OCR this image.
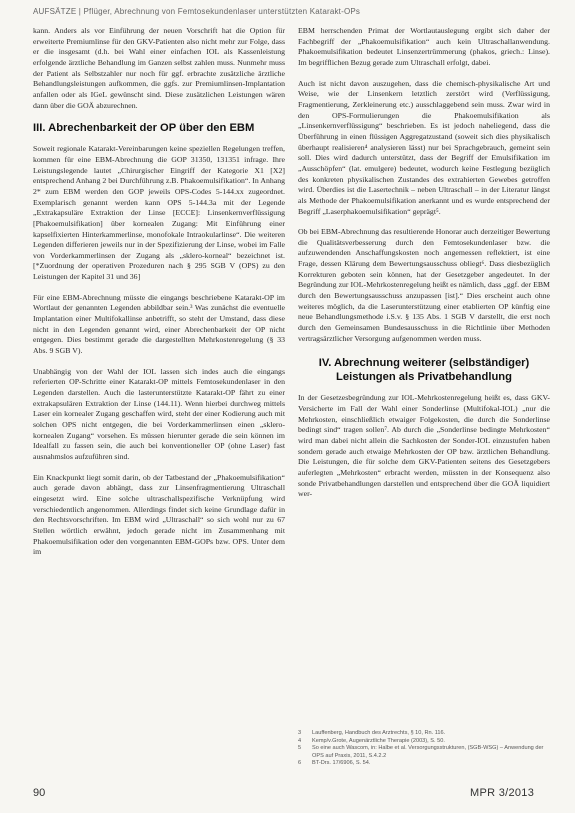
AUFSÄTZE | Pflüger, Abrechnung von Femtosekundenlaser unterstützten Katarakt-OPs

kann. Anders als vor Einführung der neuen Vorschrift hat die Option für erweiterte Premiumlinse für den GKV-Patienten also nicht mehr zur Folge, dass er die insgesamt (d.h. bei Wahl einer einfachen IOL als Kassenleistung erfolgende ärztliche Behandlung im Ganzen selbst zahlen muss. Nunmehr muss der Patient als Selbstzahler nur noch für ggf. erbrachte zusätzliche ärztliche Behandlungsleistungen aufkommen, die ggfs. zur Premiumlinsen-Implantation anfallen oder als IGeL gewünscht sind. Diese zusätzlichen Leistungen wären dann über die GOÄ abzurechnen.

III. Abrechenbarkeit der OP über den EBM

Soweit regionale Katarakt-Vereinbarungen keine speziellen Regelungen treffen, kommen für eine EBM-Abrechnung die GOP 31350, 131351 infrage. Ihre Leistungslegende lautet „Chirurgischer Eingriff der Kategorie X1 [X2] entsprechend Anhang 2 bei Durchführung z.B. Phakoemulsifikation“. In Anhang 2* zum EBM werden den GOP jeweils OPS-Codes 5-144.xx zugeordnet. Exemplarisch genannt werden kann OPS 5-144.3a mit der Legende „Extrakapsuläre Extraktion der Linse [ECCE]: Linsenkernverflüssigung [Phakoemulsifikation] über kornealen Zugang: Mit Einführung einer kapselfixierten Hinterkammerlinse, monofokale Intraokularlinse“. Die weiteren Legenden differieren jeweils nur in der Spezifizierung der Linse, wobei im Falle von Vorderkammerlinsen der Zugang als „sklero-korneal“ bezeichnet ist. [*Zuordnung der operativen Prozeduren nach § 295 SGB V (OPS) zu den Leistungen der Kapitel 31 und 36]

Für eine EBM-Abrechnung müsste die eingangs beschriebene Katarakt-OP im Wortlaut der genannten Legenden abbildbar sein.³ Was zunächst die eventuelle Implantation einer Multifokallinse anbetrifft, so steht der Umstand, dass diese nicht in den Legenden genannt wird, einer Abrechenbarkeit der OP nicht entgegen. Dies bestimmt gerade die dargestellten Mehrkostenregelung (§ 33 Abs. 9 SGB V).

Unabhängig von der Wahl der IOL lassen sich indes auch die eingangs referierten OP-Schritte einer Katarakt-OP mittels Femtosekundenlaser in den Legenden darstellen. Auch die lasterunterstützte Katarakt-OP fährt zu einer extrakapsulären Extraktion der Linse (144.11). Wenn hierbei durchweg mittels Laser ein kornealer Zugang geschaffen wird, steht der einer Kodierung auch mit solchen OPS nicht entgegen, die bei Vorderkammerlinsen einen „sklero-kornealen Zugang“ vorsehen. Es müssen hierunter gerade die sein können im Idealfall zu fassen sein, die auch bei konventioneller OP (ohne Laser) fast ausnahmslos aufzuführen sind.

Ein Knackpunkt liegt somit darin, ob der Tatbestand der „Phakoemulsifikation“ auch gerade davon abhängt, dass zur Linsenfragmentierung Ultraschall eingesetzt wird. Eine solche ultraschallspezifische Verknüpfung wird verschiedentlich angenommen. Allerdings findet sich keine Grundlage dafür in den Rechtsvorschriften. Im EBM wird „Ultraschall“ so sich wohl nur zu 67 Stellen wörtlich erwähnt, jedoch gerade nicht im Zusammenhang mit Phakoemulsifikation oder den vorgenannten EBM-GOPs bzw. OPS. Unter dem im

EBM herrschenden Primat der Wortlautauslegung ergibt sich daher der Fachbegriff der „Phakoemulsifikation“ auch kein Ultraschallanwendung. Phakoemulsifikation bedeutet Linsenzertrümmerung (phakos, griech.: Linse). Im begrifflichen Bezug gerade zum Ultraschall erfolgt, dabei.

Auch ist nicht davon auszugehen, dass die chemisch-physikalische Art und Weise, wie der Linsenkern letztlich zerstört wird (Verflüssigung, Fragmentierung, Zerkleinerung etc.) ausschlaggebend sein muss. Zwar wird in den OPS-Formulierungen die Phakoemulsifikation als „Linsenkernverflüssigung“ beschrieben. Es ist jedoch naheliegend, dass die Überführung in einen flüssigen Aggregatzustand (soweit sich dies physikalisch überhaupt realisieren⁴ analysieren lässt) nur bei Sprachgebrauch, gemeint sein soll. Dies wird dadurch unterstützt, dass der Begriff der Emulsifikation im „Ausschöpfen“ (lat. emulgere) bedeutet, wodurch keine Festlegung bezüglich des konkreten physikalischen Zustandes des extrahierten Gewebes getroffen wird. Überdies ist die Lasertechnik – neben Ultraschall – in der Literatur längst als Methode der Phakoemulsifikation anerkannt und es wurde entsprechend der Begriff „Laserphakoemulsifikation“ geprägt⁵.

Ob bei EBM-Abrechnung das resultierende Honorar auch derzeitiger Bewertung die Qualitätsverbesserung durch den Femtosekundenlaser bzw. die aufzuwendenden Anschaffungskosten noch angemessen reflektiert, ist eine Frage, dessen Klärung dem Bewertungsausschuss obliegt⁶. Dass diesbezüglich Korrekturen geboten sein können, hat der Gesetzgeber angedeutet. In der Begründung zur IOL-Mehrkostenregelung heißt es nämlich, dass „ggf. der EBM durch den Bewertungsausschuss anzupassen [ist].“ Dies erscheint auch ohne weiteres möglich, da die Laserunterstützung einer etablierten OP künftig eine neue Behandlungsmethode i.S.v. § 135 Abs. 1 SGB V darstellt, die erst noch durch den Gemeinsamen Bundesausschuss in die Richtlinie über Methoden vertragsärztlicher Versorgung aufgenommen werden muss.

IV. Abrechnung weiterer (selbständiger)
Leistungen als Privatbehandlung

In der Gesetzesbegründung zur IOL-Mehrkostenregelung heißt es, dass GKV-Versicherte im Fall der Wahl einer Sonderlinse (Multifokal-IOL) „nur die Mehrkosten, einschließlich etwaiger Folgekosten, die durch die Sonderlinse bedingt sind“ tragen sollen⁷. Ab durch die „Sonderlinse bedingte Mehrkosten“ wird man dabei nicht allein die Sachkosten der Sonder-IOL einzustufen haben sondern gerade auch etwaige Mehrkosten der OP bzw. ärztlichen Behandlung. Die Leistungen, die für solche dem GKV-Patienten seitens des Gesetzgebers auferlegten „Mehrkosten“ erbracht werden, müssten in der Konsequenz also sonde Privatbehandlungen darstellen und entsprechend über die GOÄ liquidiert wer-

3	Lauffenberg, Handbuch des Arztrechts, § 10, Rn. 116.
4	Kemp/v.Grote, Augenärztliche Therapie (2003), S. 50.
5	So eine auch Wascom, in: Halbe et al. Versorgungsstrukturen, (SGB-WSG) – Anwendung der OPS auf Praxis, 2011, S.4.2.2
6	BT-Drs. 17/6906, S. 54.
90	MPR 3/2013
